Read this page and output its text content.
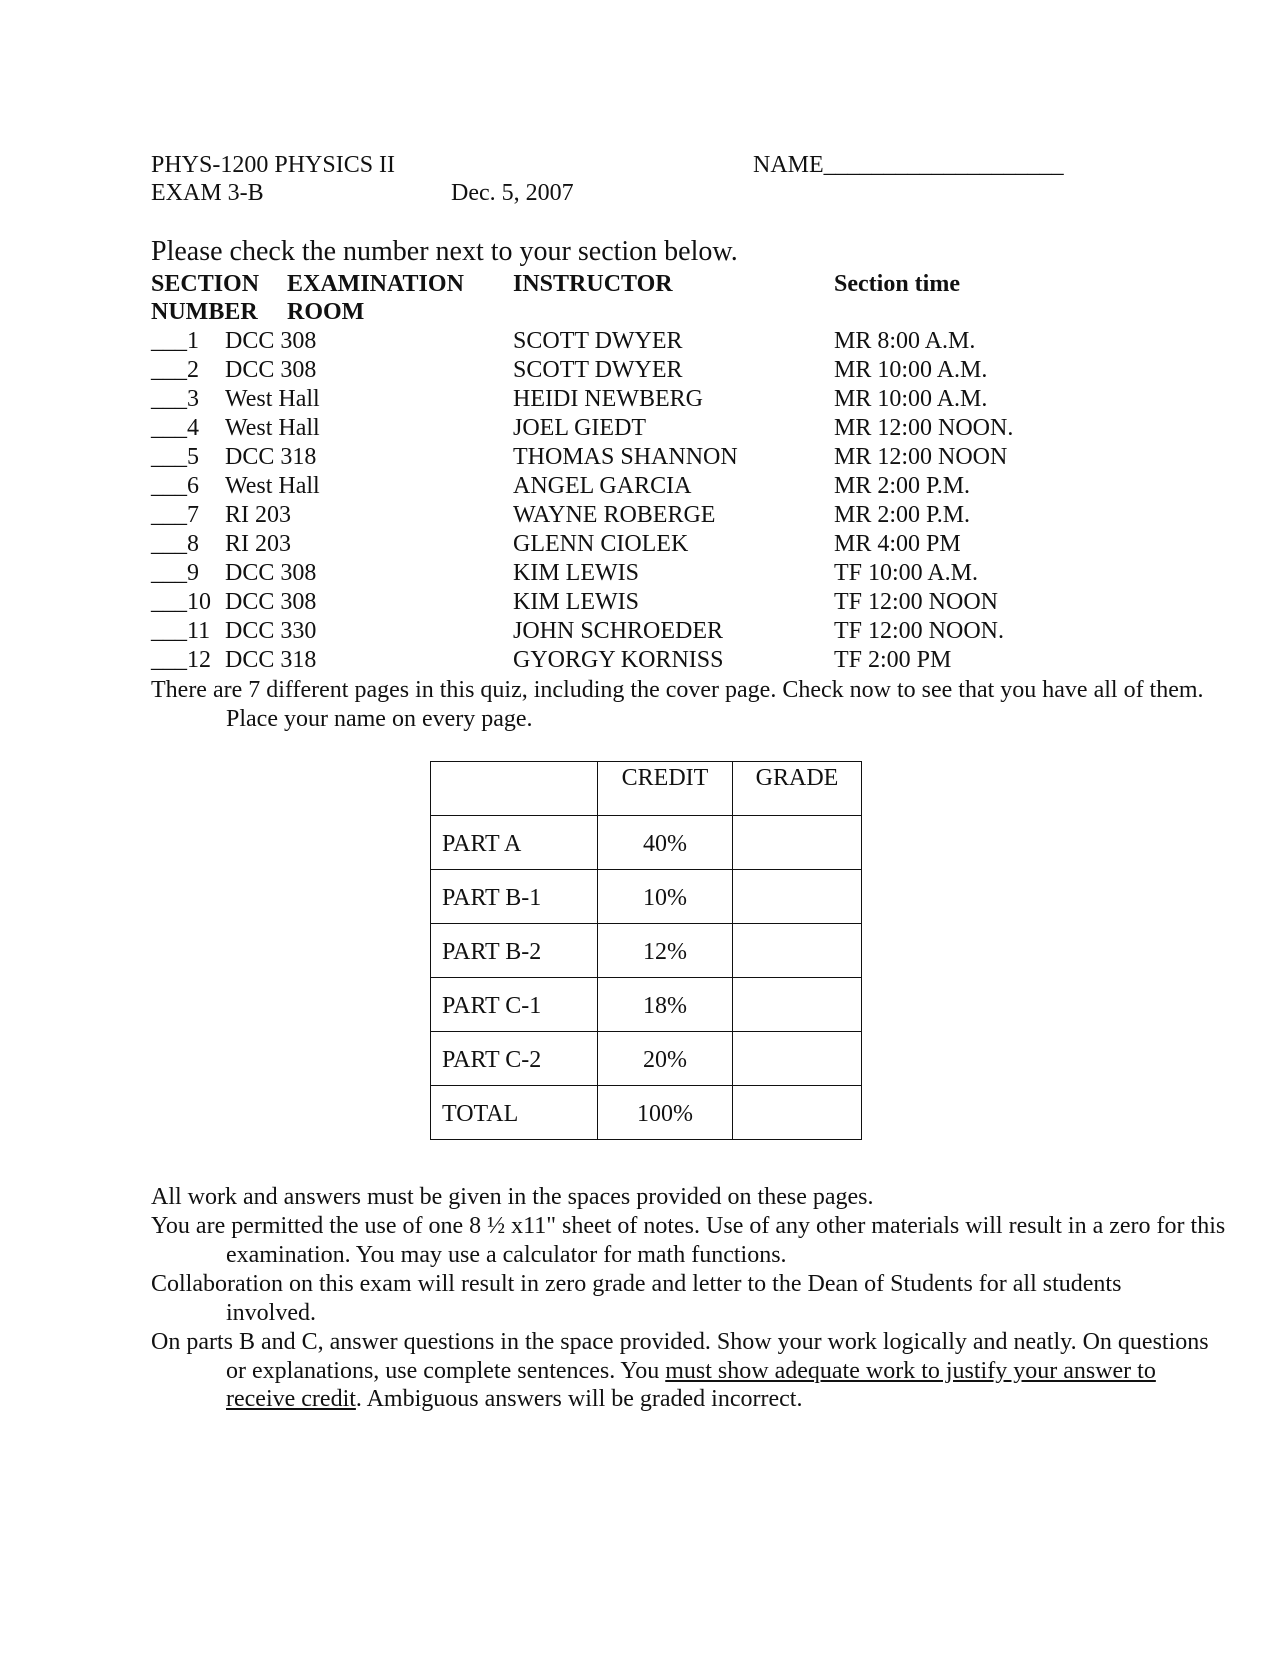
PHYS-1200 PHYSICS II	NAME____________________
EXAM 3-B	Dec. 5, 2007
Please check the number next to your section below.
SECTION EXAMINATION INSTRUCTOR	Section time
NUMBER ROOM
___1 DCC 308	SCOTT DWYER	MR 8:00 A.M.
___2 DCC 308	SCOTT DWYER	MR 10:00 A.M.
___3 West Hall	HEIDI NEWBERG	MR 10:00 A.M.
___4 West Hall	JOEL GIEDT	MR 12:00 NOON.
___5 DCC 318	THOMAS SHANNON	MR 12:00 NOON
___6 West Hall	ANGEL GARCIA	MR 2:00 P.M.
___7 RI 203	WAYNE ROBERGE	MR 2:00 P.M.
___8 RI 203	GLENN CIOLEK	MR 4:00 PM
___9 DCC 308	KIM LEWIS	TF 10:00 A.M.
___10 DCC 308	KIM LEWIS	TF 12:00 NOON
___11 DCC 330	JOHN SCHROEDER	TF 12:00 NOON.
___12 DCC 318	GYORGY KORNISS	TF 2:00 PM
There are 7 different pages in this quiz, including the cover page. Check now to see that you have all of them. Place your name on every page.
	CREDIT	GRADE
PART A	40%	
PART B-1	10%	
PART B-2	12%	
PART C-1	18%	
PART C-2	20%	
TOTAL	100%	
All work and answers must be given in the spaces provided on these pages.
You are permitted the use of one 8 ½ x11" sheet of notes. Use of any other materials will result in a zero for this examination. You may use a calculator for math functions.
Collaboration on this exam will result in zero grade and letter to the Dean of Students for all students involved.
On parts B and C, answer questions in the space provided. Show your work logically and neatly. On questions or explanations, use complete sentences. You must show adequate work to justify your answer to receive credit. Ambiguous answers will be graded incorrect.
